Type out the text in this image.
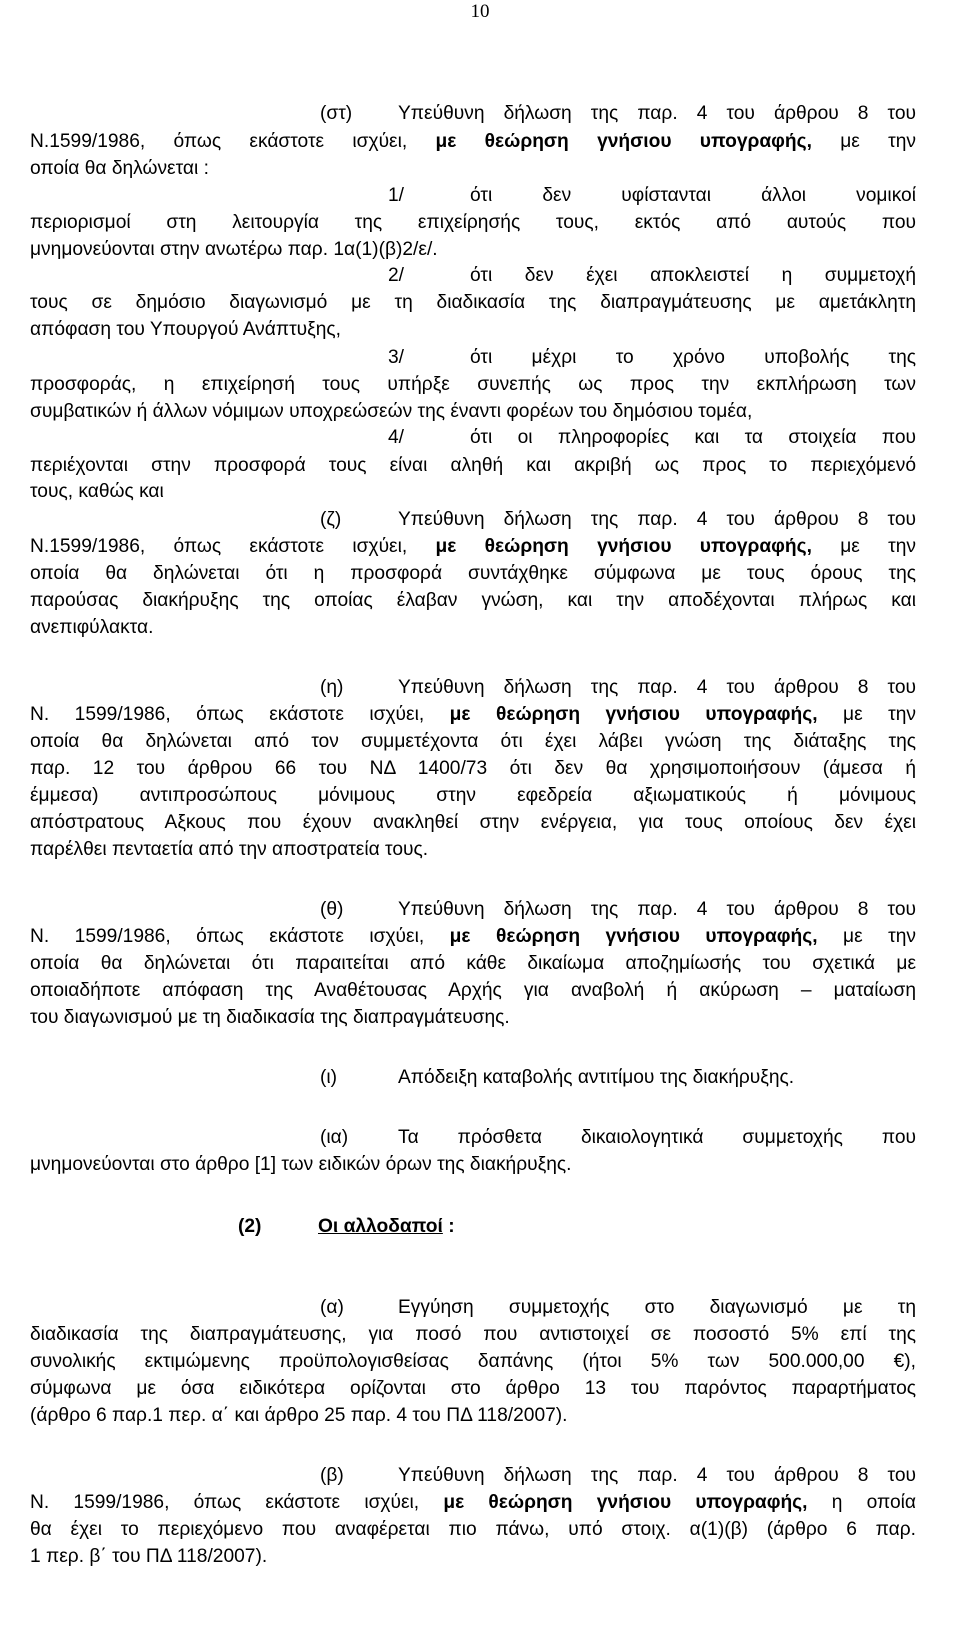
10
(στ) Υπεύθυνη δήλωση της παρ. 4 του άρθρου 8 του
Ν.1599/1986, όπως εκάστοτε ισχύει, με θεώρηση γνήσιου υπογραφής, με την
οποία θα δηλώνεται :
1/	ότι δεν υφίστανται άλλοι νομικοί
περιορισμοί στη λειτουργία της επιχείρησής τους, εκτός από αυτούς που
μνημονεύονται στην ανωτέρω παρ. 1α(1)(β)2/ε/.
2/	ότι δεν έχει αποκλειστεί η συμμετοχή
τους σε δημόσιο διαγωνισμό με τη διαδικασία της διαπραγμάτευσης με αμετάκλητη
απόφαση του Υπουργού Ανάπτυξης,
3/	ότι μέχρι το χρόνο υποβολής της
προσφοράς, η επιχείρησή τους υπήρξε συνεπής ως προς την εκπλήρωση των
συμβατικών ή άλλων νόμιμων υποχρεώσεών της έναντι φορέων του δημόσιου τομέα,
4/	ότι οι πληροφορίες και τα στοιχεία που
περιέχονται στην προσφορά τους είναι αληθή και ακριβή ως προς το περιεχόμενό
τους, καθώς και
(ζ)	Υπεύθυνη δήλωση της παρ. 4 του άρθρου 8 του
Ν.1599/1986, όπως εκάστοτε ισχύει, με θεώρηση γνήσιου υπογραφής, με την
οποία θα δηλώνεται ότι η προσφορά συντάχθηκε σύμφωνα με τους όρους της
παρούσας διακήρυξης της οποίας έλαβαν γνώση, και την αποδέχονται πλήρως και
ανεπιφύλακτα.
(η)	Υπεύθυνη δήλωση της παρ. 4 του άρθρου 8 του
Ν. 1599/1986, όπως εκάστοτε ισχύει, με θεώρηση γνήσιου υπογραφής, με την
οποία θα δηλώνεται από τον συμμετέχοντα ότι έχει λάβει γνώση της διάταξης της
παρ. 12 του άρθρου 66 του ΝΔ 1400/73 ότι δεν θα χρησιμοποιήσουν (άμεσα ή
έμμεσα) αντιπροσώπους μόνιμους στην εφεδρεία αξιωματικούς ή μόνιμους
απόστρατους Αξκους που έχουν ανακληθεί στην ενέργεια, για τους οποίους δεν έχει
παρέλθει πενταετία από την αποστρατεία τους.
(θ)	Υπεύθυνη δήλωση της παρ. 4 του άρθρου 8 του
Ν. 1599/1986, όπως εκάστοτε ισχύει, με θεώρηση γνήσιου υπογραφής, με την
οποία θα δηλώνεται ότι παραιτείται από κάθε δικαίωμα αποζημίωσής του σχετικά με
οποιαδήποτε απόφαση της Αναθέτουσας Αρχής για αναβολή ή ακύρωση – ματαίωση
του διαγωνισμού με τη διαδικασία της διαπραγμάτευσης.
(ι)	Απόδειξη καταβολής αντιτίμου της διακήρυξης.
(ια)	Τα πρόσθετα δικαιολογητικά συμμετοχής που
μνημονεύονται στο άρθρο [1] των ειδικών όρων της διακήρυξης.
(2)	Οι αλλοδαποί :
(α)	Εγγύηση συμμετοχής στο διαγωνισμό με τη
διαδικασία της διαπραγμάτευσης, για ποσό που αντιστοιχεί σε ποσοστό 5% επί της
συνολικής εκτιμώμενης προϋπολογισθείσας δαπάνης (ήτοι 5% των 500.000,00 €),
σύμφωνα με όσα ειδικότερα ορίζονται στο άρθρο 13 του παρόντος παραρτήματος
(άρθρο 6 παρ.1 περ. α΄ και άρθρο 25 παρ. 4 του ΠΔ 118/2007).
(β)	Υπεύθυνη δήλωση της παρ. 4 του άρθρου 8 του
Ν. 1599/1986, όπως εκάστοτε ισχύει, με θεώρηση γνήσιου υπογραφής, η οποία
θα έχει το περιεχόμενο που αναφέρεται πιο πάνω, υπό στοιχ. α(1)(β) (άρθρο 6 παρ.
1 περ. β΄ του ΠΔ 118/2007).
